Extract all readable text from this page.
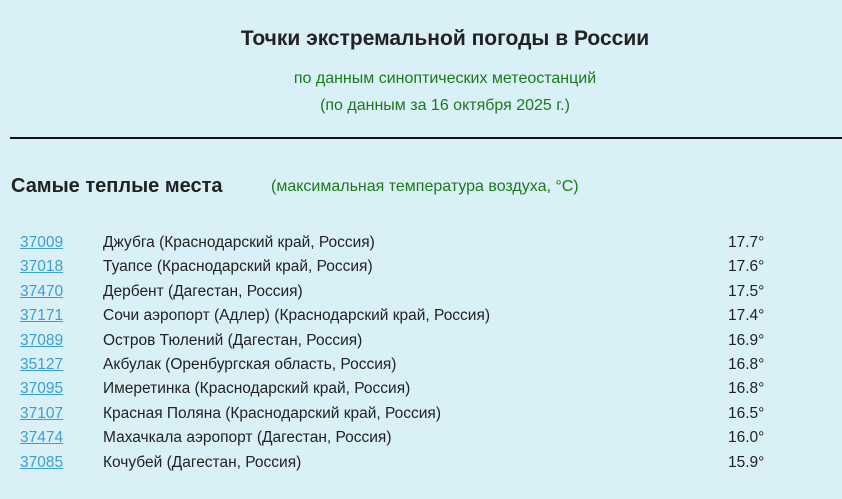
Точки экстремальной погоды в России
по данным синоптических метеостанций
(по данным за 16 октября 2025 г.)
Самые теплые места	(максимальная температура воздуха, °C)
37009	Джубга (Краснодарский край, Россия)	17.7°
37018	Туапсе (Краснодарский край, Россия)	17.6°
37470	Дербент (Дагестан, Россия)	17.5°
37171	Сочи аэропорт (Адлер) (Краснодарский край, Россия)	17.4°
37089	Остров Тюлений (Дагестан, Россия)	16.9°
35127	Акбулак (Оренбургская область, Россия)	16.8°
37095	Имеретинка (Краснодарский край, Россия)	16.8°
37107	Красная Поляна (Краснодарский край, Россия)	16.5°
37474	Махачкала аэропорт (Дагестан, Россия)	16.0°
37085	Кочубей (Дагестан, Россия)	15.9°
